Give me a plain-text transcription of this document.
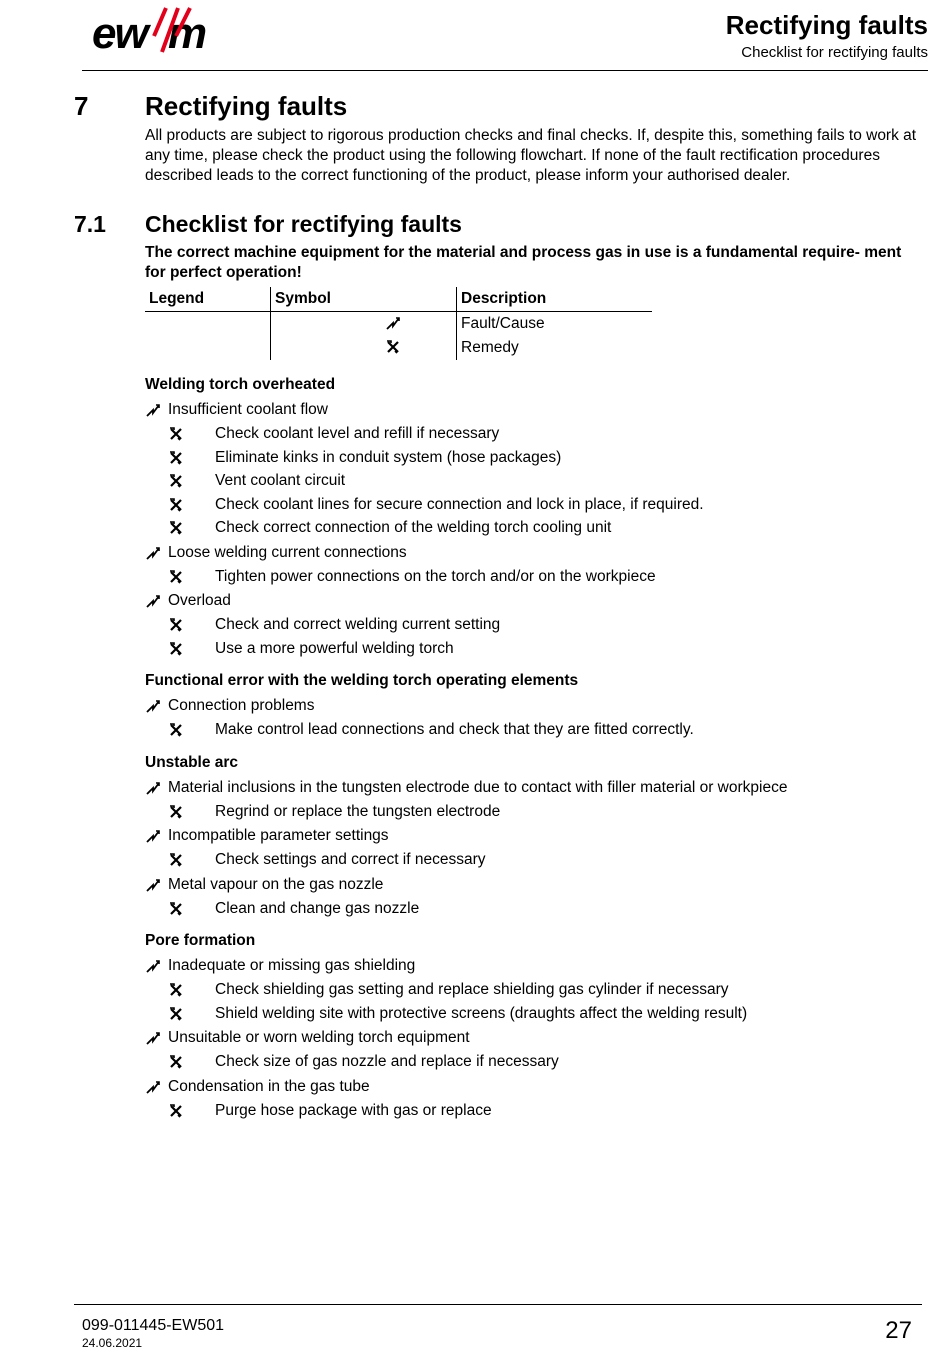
ew m	Rectifying faults
Checklist for rectifying faults
7 Rectifying faults
All products are subject to rigorous production checks and final checks. If, despite this, something fails to work at any time, please check the product using the following flowchart. If none of the fault rectification procedures described leads to the correct functioning of the product, please inform your authorised dealer.
7.1 Checklist for rectifying faults
The correct machine equipment for the material and process gas in use is a fundamental require- ment for perfect operation!
Legend	Symbol	Description
		Fault/Cause
		Remedy
Welding torch overheated
Insufficient coolant flow
Check coolant level and refill if necessary
Eliminate kinks in conduit system (hose packages)
Vent coolant circuit
Check coolant lines for secure connection and lock in place, if required.
Check correct connection of the welding torch cooling unit
Loose welding current connections
Tighten power connections on the torch and/or on the workpiece
Overload
Check and correct welding current setting
Use a more powerful welding torch
Functional error with the welding torch operating elements
Connection problems
Make control lead connections and check that they are fitted correctly.
Unstable arc
Material inclusions in the tungsten electrode due to contact with filler material or workpiece
Regrind or replace the tungsten electrode
Incompatible parameter settings
Check settings and correct if necessary
Metal vapour on the gas nozzle
Clean and change gas nozzle
Pore formation
Inadequate or missing gas shielding
Check shielding gas setting and replace shielding gas cylinder if necessary
Shield welding site with protective screens (draughts affect the welding result)
Unsuitable or worn welding torch equipment
Check size of gas nozzle and replace if necessary
Condensation in the gas tube
Purge hose package with gas or replace
099-011445-EW501
24.06.2021	27
